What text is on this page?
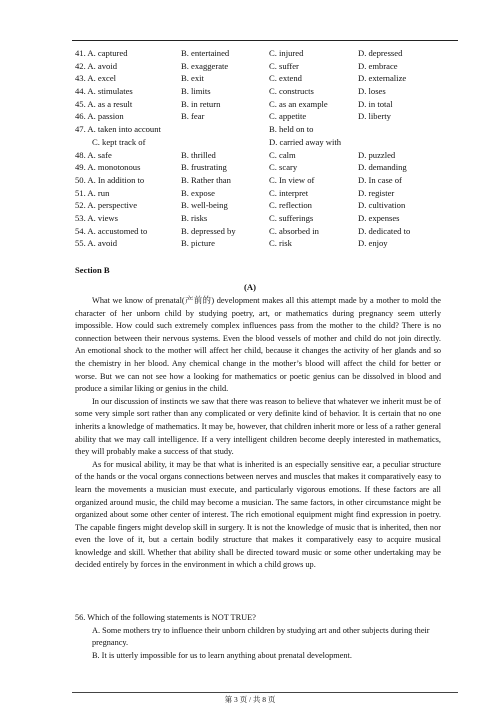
41. A. captured	B. entertained	C. injured	D. depressed
42. A. avoid	B. exaggerate	C. suffer	D. embrace
43. A. excel	B. exit	C. extend	D. externalize
44. A. stimulates	B. limits	C. constructs	D. loses
45. A. as a result	B. in return	C. as an example	D. in total
46. A. passion	B. fear	C. appetite	D. liberty
47. A. taken into account	B. held on to
C. kept track of	D. carried away with
48. A. safe	B. thrilled	C. calm	D. puzzled
49. A. monotonous	B. frustrating	C. scary	D. demanding
50. A. In addition to	B. Rather than	C. In view of	D. In case of
51. A. run	B. expose	C. interpret	D. register
52. A. perspective	B. well-being	C. reflection	D. cultivation
53. A. views	B. risks	C. sufferings	D. expenses
54. A. accustomed to	B. depressed by	C. absorbed in	D. dedicated to
55. A. avoid	B. picture	C. risk	D. enjoy
Section B
(A)

What we know of prenatal(产前的) development makes all this attempt made by a mother to mold the character of her unborn child by studying poetry, art, or mathematics during pregnancy seem utterly impossible. How could such extremely complex influences pass from the mother to the child? There is no connection between their nervous systems. Even the blood vessels of mother and child do not join directly. An emotional shock to the mother will affect her child, because it changes the activity of her glands and so the chemistry in her blood. Any chemical change in the mother’s blood will affect the child for better or worse. But we can not see how a looking for mathematics or poetic genius can be dissolved in blood and produce a similar liking or genius in the child.

In our discussion of instincts we saw that there was reason to believe that whatever we inherit must be of some very simple sort rather than any complicated or very definite kind of behavior. It is certain that no one inherits a knowledge of mathematics. It may be, however, that children inherit more or less of a rather general ability that we may call intelligence. If a very intelligent children become deeply interested in mathematics, they will probably make a success of that study.

As for musical ability, it may be that what is inherited is an especially sensitive ear, a peculiar structure of the hands or the vocal organs connections between nerves and muscles that makes it comparatively easy to learn the movements a musician must execute, and particularly vigorous emotions. If these factors are all organized around music, the child may become a musician. The same factors, in other circumstance might be organized about some other center of interest. The rich emotional equipment might find expression in poetry. The capable fingers might develop skill in surgery. It is not the knowledge of music that is inherited, then nor even the love of it, but a certain bodily structure that makes it comparatively easy to acquire musical knowledge and skill. Whether that ability shall be directed toward music or some other undertaking may be decided entirely by forces in the environment in which a child grows up.

56. Which of the following statements is NOT TRUE?

A. Some mothers try to influence their unborn children by studying art and other subjects during their pregnancy.

B. It is utterly impossible for us to learn anything about prenatal development.

第 3 页 / 共 8 页
